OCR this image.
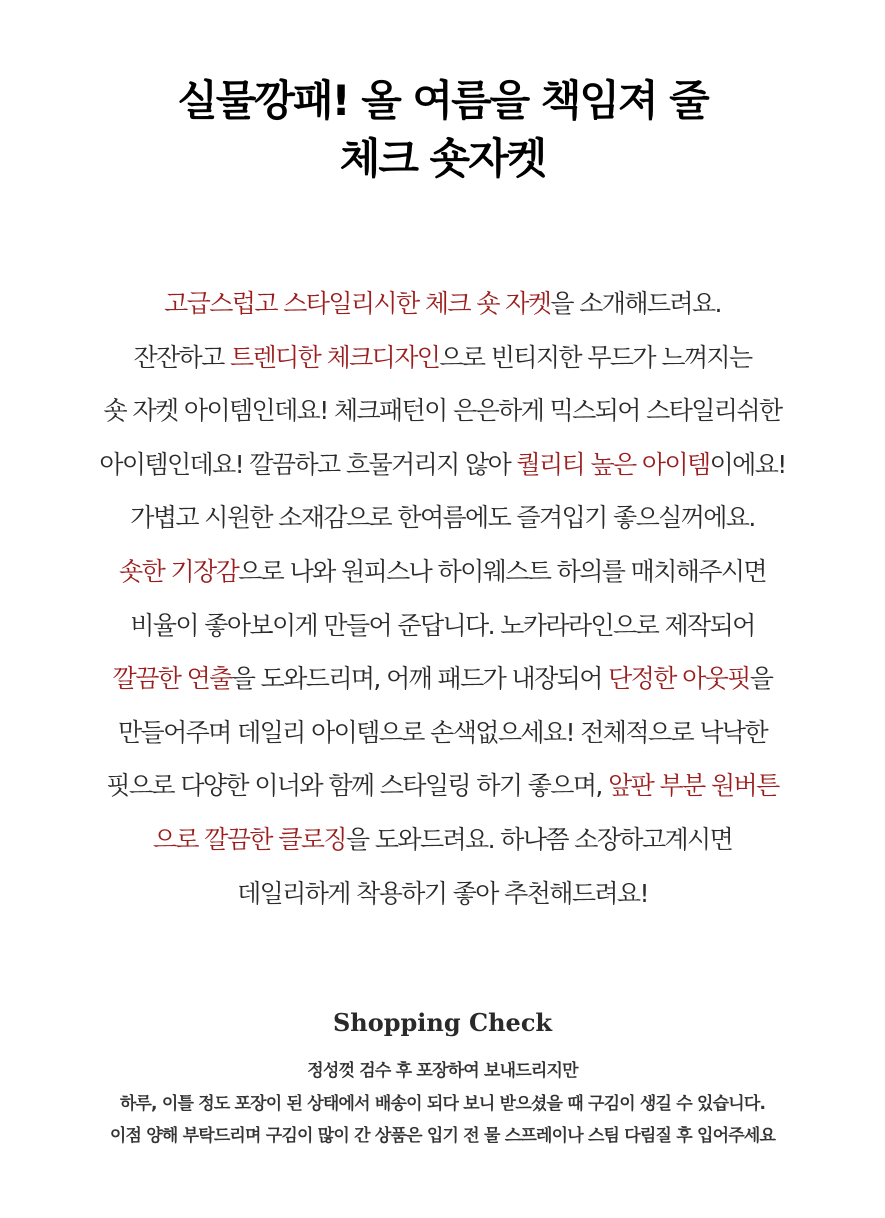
실물깡패! 올 여름을 책임져 줄
체크 숏자켓
고급스럽고 스타일리시한 체크 숏 자켓을 소개해드려요.
잔잔하고 트렌디한 체크디자인으로 빈티지한 무드가 느껴지는
숏 자켓 아이템인데요! 체크패턴이 은은하게 믹스되어 스타일리쉬한
아이템인데요! 깔끔하고 흐물거리지 않아 퀄리티 높은 아이템이에요!
가볍고 시원한 소재감으로 한여름에도 즐겨입기 좋으실꺼에요.
숏한 기장감으로 나와 원피스나 하이웨스트 하의를 매치해주시면
비율이 좋아보이게 만들어 준답니다. 노카라라인으로 제작되어
깔끔한 연출을 도와드리며, 어깨 패드가 내장되어 단정한 아웃핏을
만들어주며 데일리 아이템으로 손색없으세요! 전체적으로 낙낙한
핏으로 다양한 이너와 함께 스타일링 하기 좋으며, 앞판 부분 원버튼
으로 깔끔한 클로징을 도와드려요. 하나쯤 소장하고계시면
데일리하게 착용하기 좋아 추천해드려요!
Shopping Check
정성껏 검수 후 포장하여 보내드리지만
하루, 이틀 정도 포장이 된 상태에서 배송이 되다 보니 받으셨을 때 구김이 생길 수 있습니다.
이점 양해 부탁드리며 구김이 많이 간 상품은 입기 전 물 스프레이나 스팀 다림질 후 입어주세요
